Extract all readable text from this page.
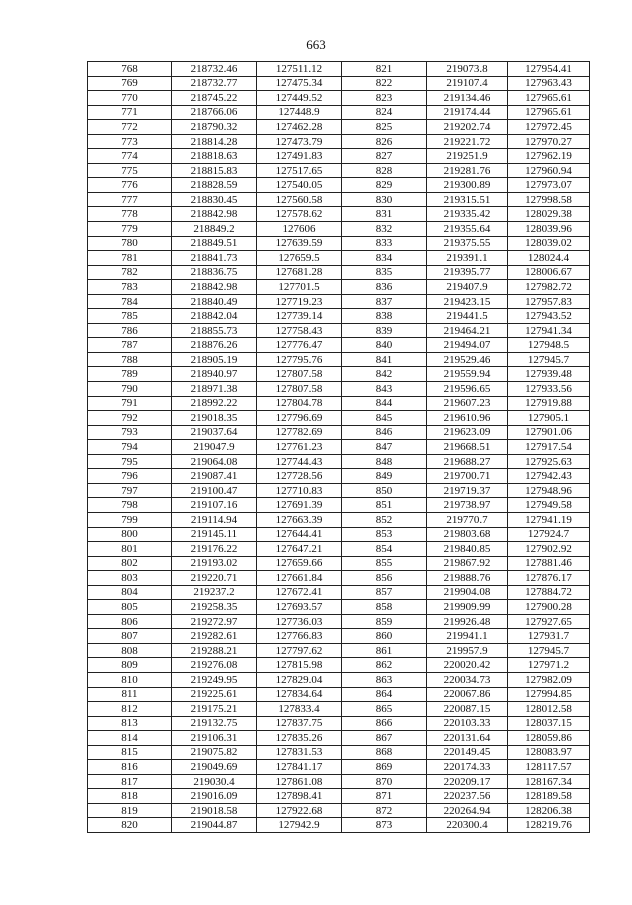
663
768	218732.46	127511.12	821	219073.8	127954.41
769	218732.77	127475.34	822	219107.4	127963.43
770	218745.22	127449.52	823	219134.46	127965.61
771	218766.06	127448.9	824	219174.44	127965.61
772	218790.32	127462.28	825	219202.74	127972.45
773	218814.28	127473.79	826	219221.72	127970.27
774	218818.63	127491.83	827	219251.9	127962.19
775	218815.83	127517.65	828	219281.76	127960.94
776	218828.59	127540.05	829	219300.89	127973.07
777	218830.45	127560.58	830	219315.51	127998.58
778	218842.98	127578.62	831	219335.42	128029.38
779	218849.2	127606	832	219355.64	128039.96
780	218849.51	127639.59	833	219375.55	128039.02
781	218841.73	127659.5	834	219391.1	128024.4
782	218836.75	127681.28	835	219395.77	128006.67
783	218842.98	127701.5	836	219407.9	127982.72
784	218840.49	127719.23	837	219423.15	127957.83
785	218842.04	127739.14	838	219441.5	127943.52
786	218855.73	127758.43	839	219464.21	127941.34
787	218876.26	127776.47	840	219494.07	127948.5
788	218905.19	127795.76	841	219529.46	127945.7
789	218940.97	127807.58	842	219559.94	127939.48
790	218971.38	127807.58	843	219596.65	127933.56
791	218992.22	127804.78	844	219607.23	127919.88
792	219018.35	127796.69	845	219610.96	127905.1
793	219037.64	127782.69	846	219623.09	127901.06
794	219047.9	127761.23	847	219668.51	127917.54
795	219064.08	127744.43	848	219688.27	127925.63
796	219087.41	127728.56	849	219700.71	127942.43
797	219100.47	127710.83	850	219719.37	127948.96
798	219107.16	127691.39	851	219738.97	127949.58
799	219114.94	127663.39	852	219770.7	127941.19
800	219145.11	127644.41	853	219803.68	127924.7
801	219176.22	127647.21	854	219840.85	127902.92
802	219193.02	127659.66	855	219867.92	127881.46
803	219220.71	127661.84	856	219888.76	127876.17
804	219237.2	127672.41	857	219904.08	127884.72
805	219258.35	127693.57	858	219909.99	127900.28
806	219272.97	127736.03	859	219926.48	127927.65
807	219282.61	127766.83	860	219941.1	127931.7
808	219288.21	127797.62	861	219957.9	127945.7
809	219276.08	127815.98	862	220020.42	127971.2
810	219249.95	127829.04	863	220034.73	127982.09
811	219225.61	127834.64	864	220067.86	127994.85
812	219175.21	127833.4	865	220087.15	128012.58
813	219132.75	127837.75	866	220103.33	128037.15
814	219106.31	127835.26	867	220131.64	128059.86
815	219075.82	127831.53	868	220149.45	128083.97
816	219049.69	127841.17	869	220174.33	128117.57
817	219030.4	127861.08	870	220209.17	128167.34
818	219016.09	127898.41	871	220237.56	128189.58
819	219018.58	127922.68	872	220264.94	128206.38
820	219044.87	127942.9	873	220300.4	128219.76
